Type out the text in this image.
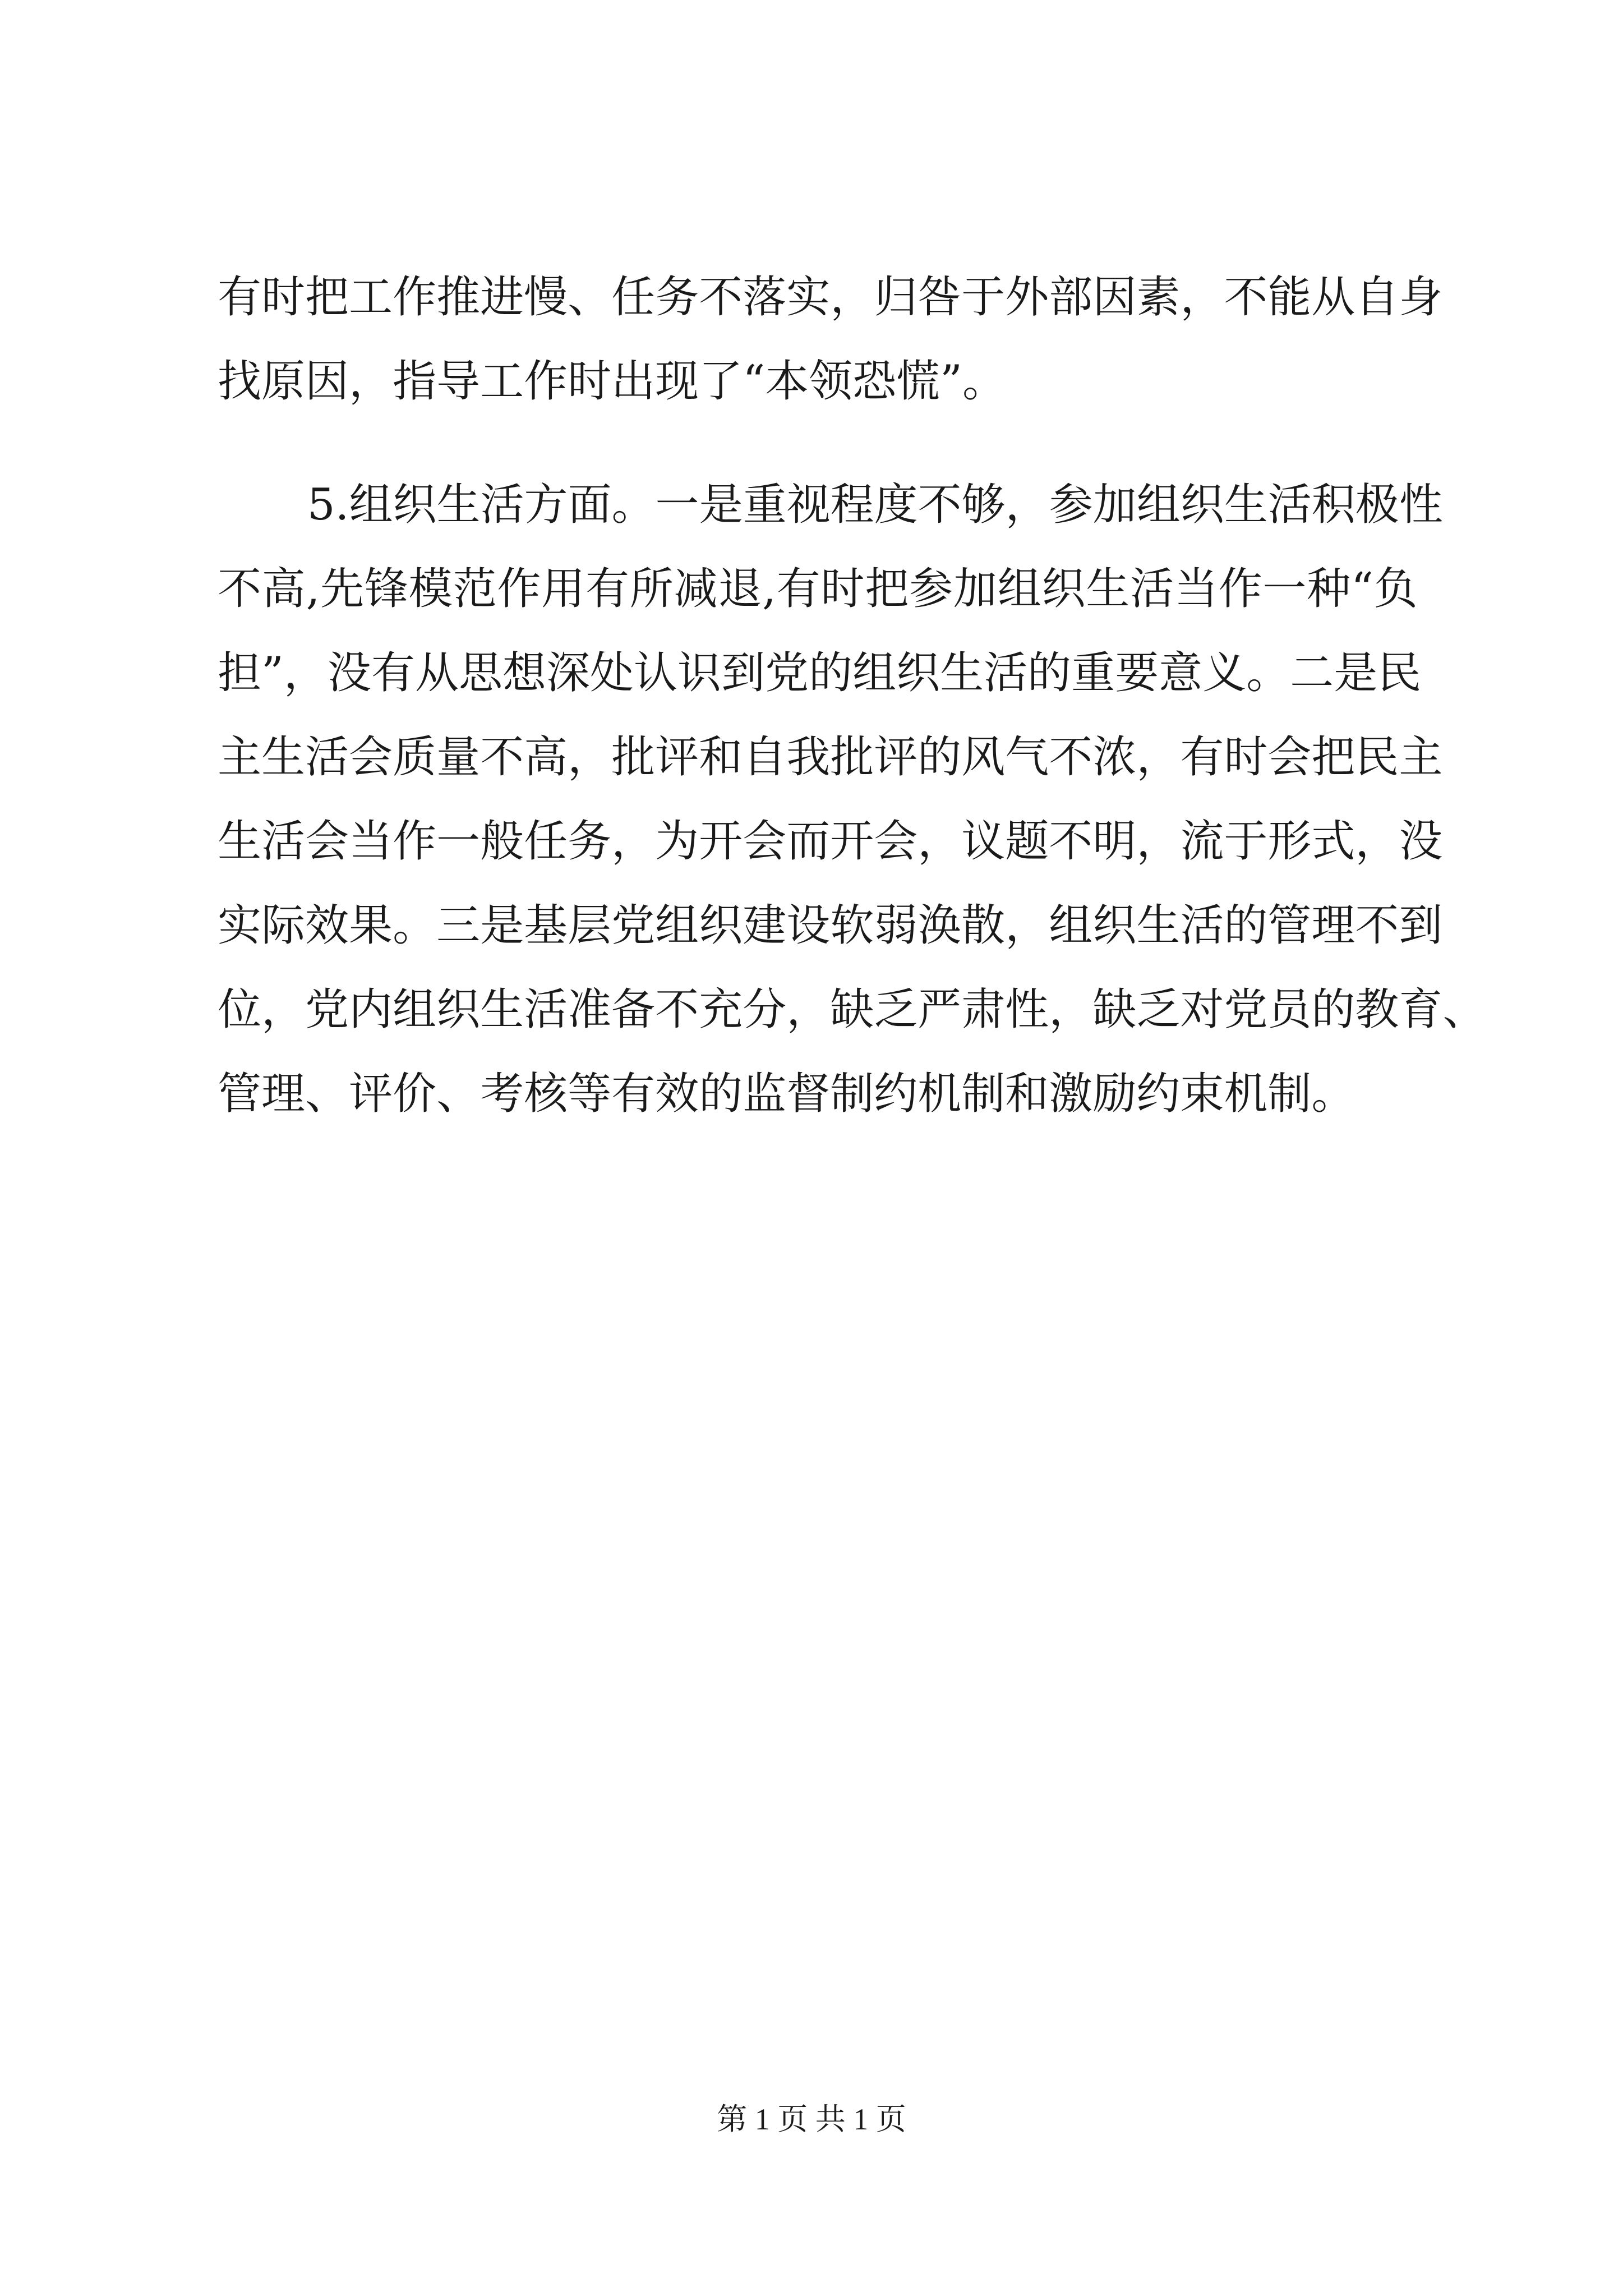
有 时 把 工 作 推 进 慢 、 任 务 不 落 实 ， 归 咎 于 外 部 因 素 ， 不 能 从 自 身
找 原 因 ， 指 导 工 作 时 出 现 了 “ 本 领 恐 慌 ” 。
5 . 组 织 生 活 方 面 。 一 是 重 视 程 度 不 够 ， 参 加 组 织 生 活 积 极 性
不 高 , 先 锋 模 范 作 用 有 所 减 退 , 有 时 把 参 加 组 织 生 活 当 作 一 种 “ 负
担 ” ， 没 有 从 思 想 深 处 认 识 到 党 的 组 织 生 活 的 重 要 意 义 。 二 是 民
主 生 活 会 质 量 不 高 ， 批 评 和 自 我 批 评 的 风 气 不 浓 ， 有 时 会 把 民 主
生 活 会 当 作 一 般 任 务 ， 为 开 会 而 开 会 ， 议 题 不 明 ， 流 于 形 式 ， 没
实 际 效 果 。 三 是 基 层 党 组 织 建 设 软 弱 涣 散 ， 组 织 生 活 的 管 理 不 到
位 ， 党 内 组 织 生 活 准 备 不 充 分 ， 缺 乏 严 肃 性 ， 缺 乏 对 党 员 的 教 育 、
管 理 、 评 价 、 考 核 等 有 效 的 监 督 制 约 机 制 和 激 励 约 束 机 制 。
第 1 页 共 1 页
